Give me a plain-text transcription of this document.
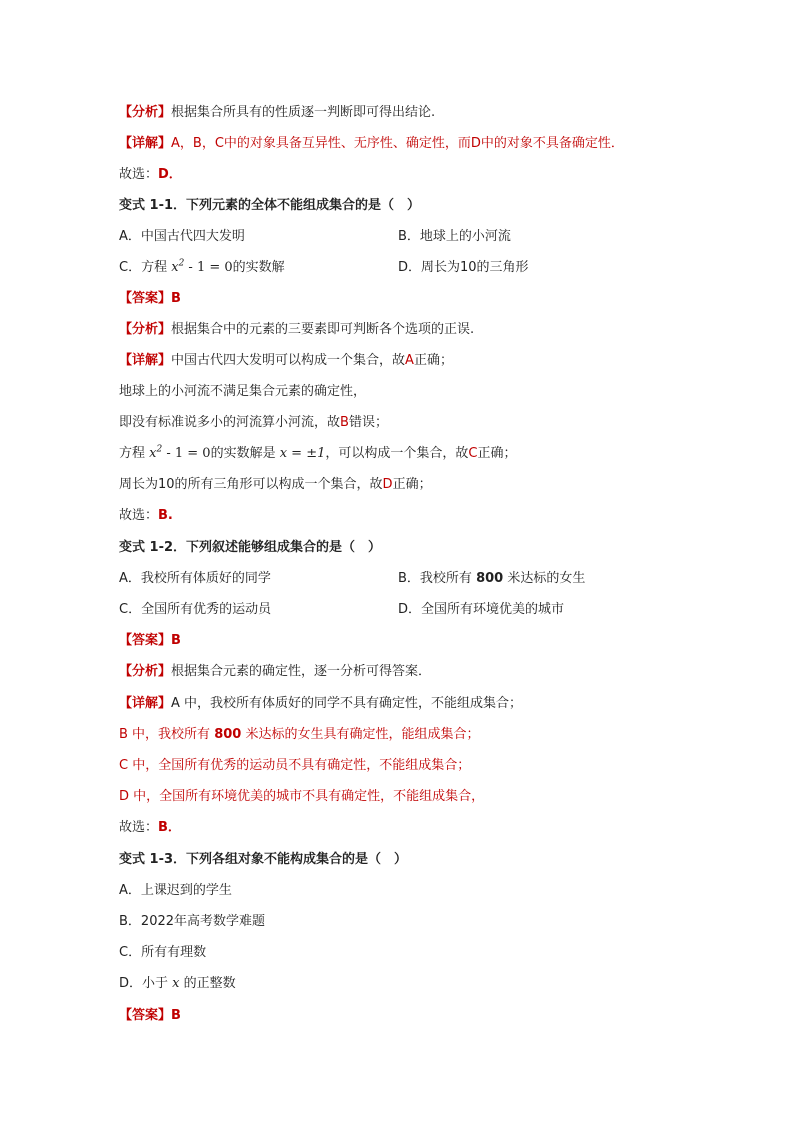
【分析】根据集合所具有的性质逐一判断即可得出结论.
【详解】A，B，C中的对象具备互异性、无序性、确定性，而D中的对象不具备确定性．
故选：D．
变式 1-1．下列元素的全体不能组成集合的是（　）
A．中国古代四大发明	B．地球上的小河流
C．方程 $x^2 - 1 = 0$的实数解	D．周长为10的三角形
【答案】B
【分析】根据集合中的元素的三要素即可判断各个选项的正误.
【详解】中国古代四大发明可以构成一个集合，故A正确；
地球上的小河流不满足集合元素的确定性，
即没有标准说多小的河流算小河流，故B错误；
方程 $x^2 - 1 = 0$的实数解是 x = ±1，可以构成一个集合，故C正确；
周长为10的所有三角形可以构成一个集合，故D正确；
故选：B.
变式 1-2．下列叙述能够组成集合的是（　）
A．我校所有体质好的同学	B．我校所有 800 米达标的女生
C．全国所有优秀的运动员	D．全国所有环境优美的城市
【答案】B
【分析】根据集合元素的确定性，逐一分析可得答案．
【详解】A 中，我校所有体质好的同学不具有确定性，不能组成集合；
B 中，我校所有 800 米达标的女生具有确定性，能组成集合；
C 中，全国所有优秀的运动员不具有确定性，不能组成集合；
D 中，全国所有环境优美的城市不具有确定性，不能组成集合，
故选：B．
变式 1-3．下列各组对象不能构成集合的是（　）
A．上课迟到的学生
B．2022年高考数学难题
C．所有有理数
D．小于 x 的正整数
【答案】B
